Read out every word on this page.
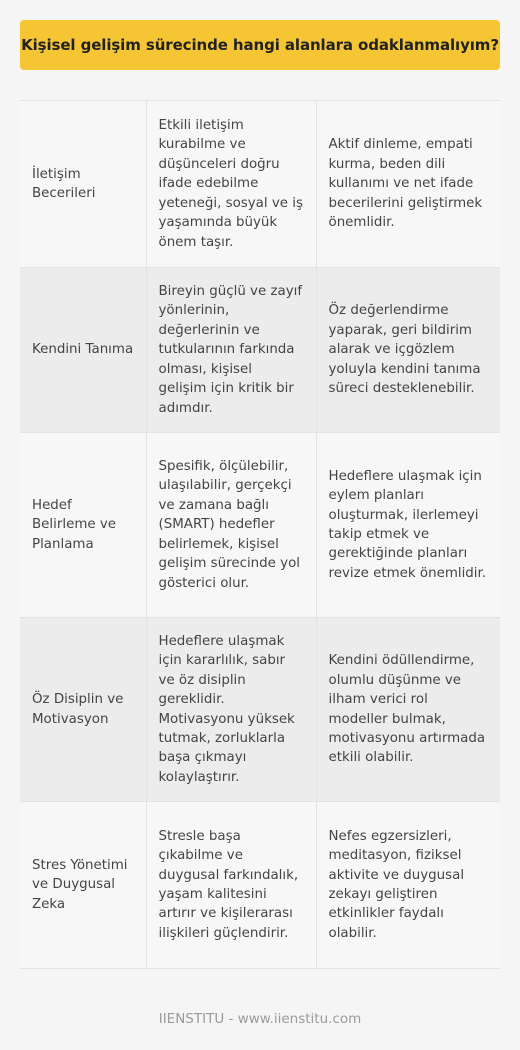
Kişisel gelişim sürecinde hangi alanlara odaklanmalıyım?
İletişim Becerileri	Etkili iletişim kurabilme ve düşünceleri doğru ifade edebilme yeteneği, sosyal ve iş yaşamında büyük önem taşır.	Aktif dinleme, empati kurma, beden dili kullanımı ve net ifade becerilerini geliştirmek önemlidir.
Kendini Tanıma	Bireyin güçlü ve zayıf yönlerinin, değerlerinin ve tutkularının farkında olması, kişisel gelişim için kritik bir adımdır.	Öz değerlendirme yaparak, geri bildirim alarak ve içgözlem yoluyla kendini tanıma süreci desteklenebilir.
Hedef Belirleme ve Planlama	Spesifik, ölçülebilir, ulaşılabilir, gerçekçi ve zamana bağlı (SMART) hedefler belirlemek, kişisel gelişim sürecinde yol gösterici olur.	Hedeflere ulaşmak için eylem planları oluşturmak, ilerlemeyi takip etmek ve gerektiğinde planları revize etmek önemlidir.
Öz Disiplin ve Motivasyon	Hedeflere ulaşmak için kararlılık, sabır ve öz disiplin gereklidir. Motivasyonu yüksek tutmak, zorluklarla başa çıkmayı kolaylaştırır.	Kendini ödüllendirme, olumlu düşünme ve ilham verici rol modeller bulmak, motivasyonu artırmada etkili olabilir.
Stres Yönetimi ve Duygusal Zeka	Stresle başa çıkabilme ve duygusal farkındalık, yaşam kalitesini artırır ve kişilerarası ilişkileri güçlendirir.	Nefes egzersizleri, meditasyon, fiziksel aktivite ve duygusal zekayı geliştiren etkinlikler faydalı olabilir.
IIENSTITU - www.iienstitu.com
